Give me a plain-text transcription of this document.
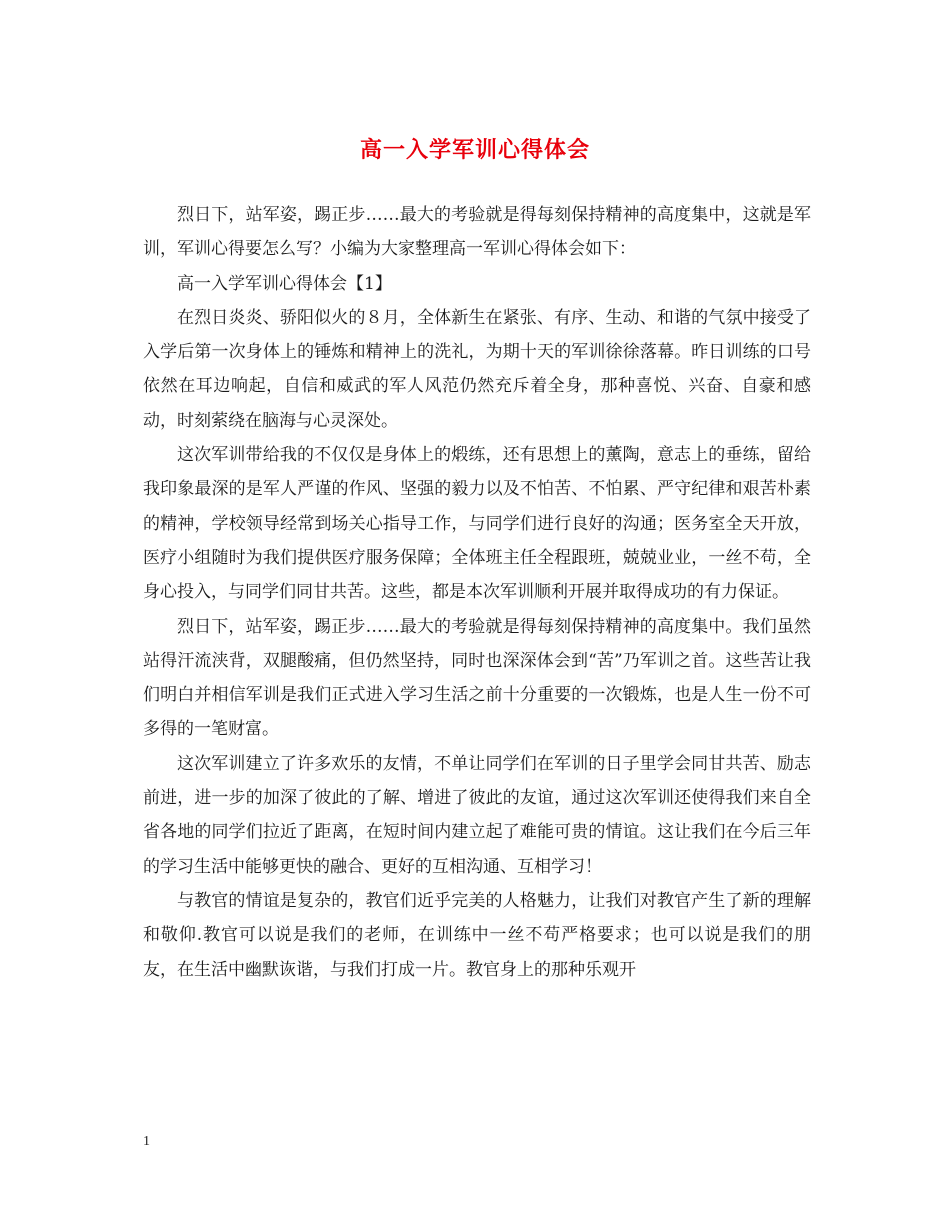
高一入学军训心得体会

烈日下，站军姿，踢正步……最大的考验就是得每刻保持精神的高度集中，这就是军训，军训心得要怎么写？小编为大家整理高一军训心得体会如下：

高一入学军训心得体会【1】

在烈日炎炎、骄阳似火的８月，全体新生在紧张、有序、生动、和谐的气氛中接受了入学后第一次身体上的锤炼和精神上的洗礼，为期十天的军训徐徐落幕。昨日训练的口号依然在耳边响起，自信和威武的军人风范仍然充斥着全身，那种喜悦、兴奋、自豪和感动，时刻萦绕在脑海与心灵深处。

这次军训带给我的不仅仅是身体上的煅练，还有思想上的薰陶，意志上的垂练，留给我印象最深的是军人严谨的作风、坚强的毅力以及不怕苦、不怕累、严守纪律和艰苦朴素的精神，学校领导经常到场关心指导工作，与同学们进行良好的沟通；医务室全天开放，医疗小组随时为我们提供医疗服务保障；全体班主任全程跟班，兢兢业业，一丝不苟，全身心投入，与同学们同甘共苦。这些，都是本次军训顺利开展并取得成功的有力保证。

烈日下，站军姿，踢正步……最大的考验就是得每刻保持精神的高度集中。我们虽然站得汗流浃背，双腿酸痛，但仍然坚持，同时也深深体会到“苦”乃军训之首。这些苦让我们明白并相信军训是我们正式进入学习生活之前十分重要的一次锻炼，也是人生一份不可多得的一笔财富。

这次军训建立了许多欢乐的友情，不单让同学们在军训的日子里学会同甘共苦、励志前进，进一步的加深了彼此的了解、增进了彼此的友谊，通过这次军训还使得我们来自全省各地的同学们拉近了距离，在短时间内建立起了难能可贵的情谊。这让我们在今后三年的学习生活中能够更快的融合、更好的互相沟通、互相学习！

与教官的情谊是复杂的，教官们近乎完美的人格魅力，让我们对教官产生了新的理解和敬仰.教官可以说是我们的老师，在训练中一丝不苟严格要求；也可以说是我们的朋友，在生活中幽默诙谐，与我们打成一片。教官身上的那种乐观开

1
